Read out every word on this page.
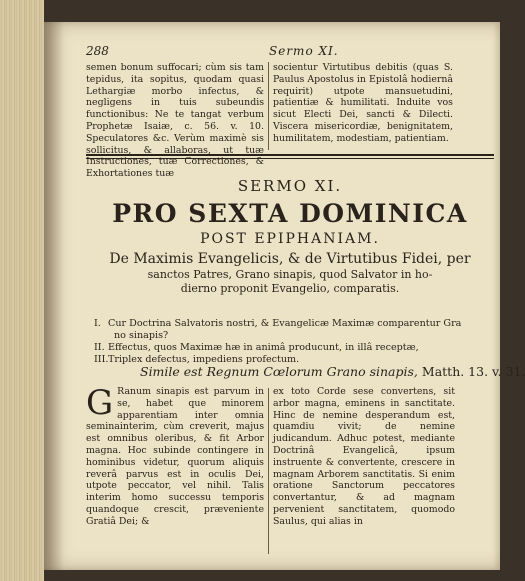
288	Sermo XI.

semen bonum suffocari; cùm sis tam tepidus, ita sopitus, quodam quasi Lethargiæ morbo infectus, & negligens in tuis subeundis functionibus: Ne te tangat verbum Prophetæ Isaiæ, c. 56. v. 10. Speculatores &c. Verùm maximè sis sollicitus, & allaboras, ut tuæ Instructiones, tuæ Correctiones, & Exhortationes tuæ

socientur Virtutibus debitis (quas S. Paulus Apostolus in Epistolâ hodiernâ requirit) utpote mansuetudini, patientiæ & humilitati. Induite vos sicut Electi Dei, sancti & Dilecti. Viscera misericordiæ, benignitatem, humilitatem, modestiam, patientiam.

SERMO XI.
PRO SEXTA DOMINICA
POST EPIPHANIAM.

De Maximis Evangelicis, & de Virtutibus Fidei, per
sanctos Patres, Grano sinapis, quod Salvator in ho-
dierno proponit Evangelio, comparatis.

I. Cur Doctrina Salvatoris nostri, & Evangelicæ Maximæ comparentur Gra
no sinapis?
II. Effectus, quos Maximæ hæ in animâ producunt, in illâ receptæ,
III. Triplex defectus, impediens profectum.
Simile est Regnum Cœlorum Grano sinapis, Matth. 13. v. 31.

G Ranum sinapis est parvum in se, habet que minorem apparentiam inter omnia seminainterim, cùm creverit, majus est omnibus oleribus, & fit Arbor magna. Hoc subinde contingere in hominibus videtur, quorum aliquis reverâ parvus est in oculis Dei, utpote peccator, vel nihil. Talis interim homo successu temporis quandoque crescit, præveniente Gratiâ Dei; &

ex toto Corde sese convertens, sit arbor magna, eminens in sanctitate. Hinc de nemine desperandum est, quamdiu vivit; de nemine judicandum. Adhuc potest, mediante Doctrinâ Evangelicâ, ipsum instruente & convertente, crescere in magnam Arborem sanctitatis. Si enim oratione Sanctorum peccatores convertantur, & ad magnam pervenient sanctitatem, quomodo Saulus, qui alias in
